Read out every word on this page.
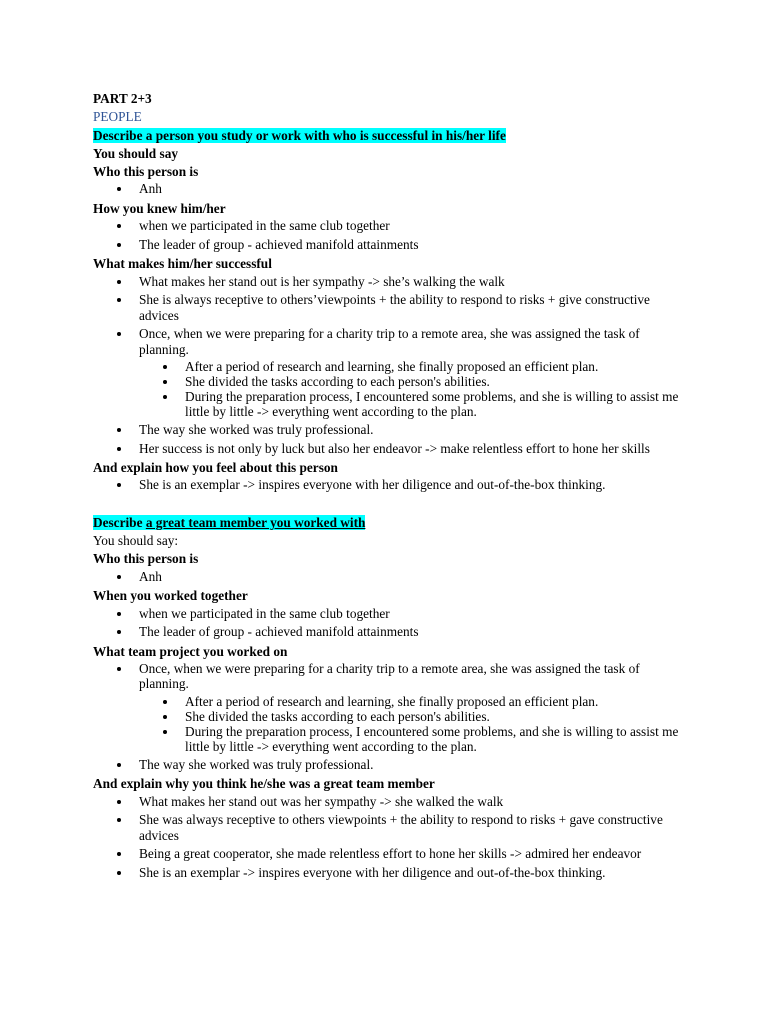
PART 2+3
PEOPLE
Describe a person you study or work with who is successful in his/her life
You should say
Who this person is
Anh
How you knew him/her
when we participated in the same club together
The leader of group - achieved manifold attainments
What makes him/her successful
What makes her stand out is her sympathy -> she’s walking the walk
She is always receptive to others’viewpoints + the ability to respond to risks + give constructive advices
Once, when we were preparing for a charity trip to a remote area, she was assigned the task of planning.
After a period of research and learning, she finally proposed an efficient plan.
She divided the tasks according to each person's abilities.
During the preparation process, I encountered some problems, and she is willing to assist me little by little -> everything went according to the plan.
The way she worked was truly professional.
Her success is not only by luck but also her endeavor -> make relentless effort to hone her skills
And explain how you feel about this person
She is an exemplar -> inspires everyone with her diligence and out-of-the-box thinking.
Describe a great team member you worked with
You should say:
Who this person is
Anh
When you worked together
when we participated in the same club together
The leader of group - achieved manifold attainments
What team project you worked on
Once, when we were preparing for a charity trip to a remote area, she was assigned the task of planning.
After a period of research and learning, she finally proposed an efficient plan.
She divided the tasks according to each person's abilities.
During the preparation process, I encountered some problems, and she is willing to assist me little by little -> everything went according to the plan.
The way she worked was truly professional.
And explain why you think he/she was a great team member
What makes her stand out was her sympathy -> she walked the walk
She was always receptive to others viewpoints + the ability to respond to risks + gave constructive advices
Being a great cooperator, she made relentless effort to hone her skills -> admired her endeavor
She is an exemplar -> inspires everyone with her diligence and out-of-the-box thinking.
